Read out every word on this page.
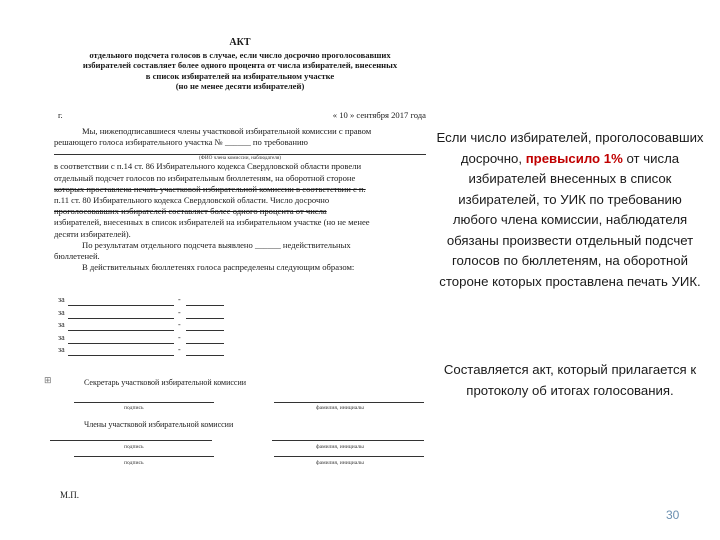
АКТ
отдельного подсчета голосов в случае, если число досрочно проголосовавших
избирателей составляет более одного процента от числа избирателей, внесенных
в список избирателей на избирательном участке
(но не менее десяти избирателей)
г.	« 10 » сентября 2017 года
Мы, нижеподписавшиеся члены участковой избирательной комиссии с правом
решающего голоса избирательного участка № ______ по требованию
(ФИО члена комиссии, наблюдателя)
в соответствии с п.14 ст. 86 Избирательного кодекса Свердловской области провели
отдельный подсчет голосов по избирательным бюллетеням, на оборотной стороне
которых проставлена печать участковой избирательной комиссии в соответствии с п.
п.11 ст. 80 Избирательного кодекса Свердловской области. Число досрочно
проголосовавших избирателей составляет более одного процента от числа
избирателей, внесенных в список избирателей на избирательном участке (но не менее
десяти избирателей).
По результатам отдельного подсчета выявлено ______ недействительных
бюллетеней.
В действительных бюллетенях голоса распределены следующим образом:
за	-
за	-
за	-
за	-
за	-
⊞	Секретарь участковой избирательной комиссии
подпись	фамилия, инициалы
Члены участковой избирательной комиссии
подпись	фамилия, инициалы
подпись	фамилия, инициалы
М.П.
Если число избирателей, проголосовавших досрочно, превысило 1% от числа избирателей внесенных в список избирателей, то УИК по требованию любого члена комиссии, наблюдателя обязаны произвести отдельный подсчет голосов по бюллетеням, на оборотной стороне которых проставлена печать УИК.
Составляется акт, который прилагается к протоколу об итогах голосования.
30
